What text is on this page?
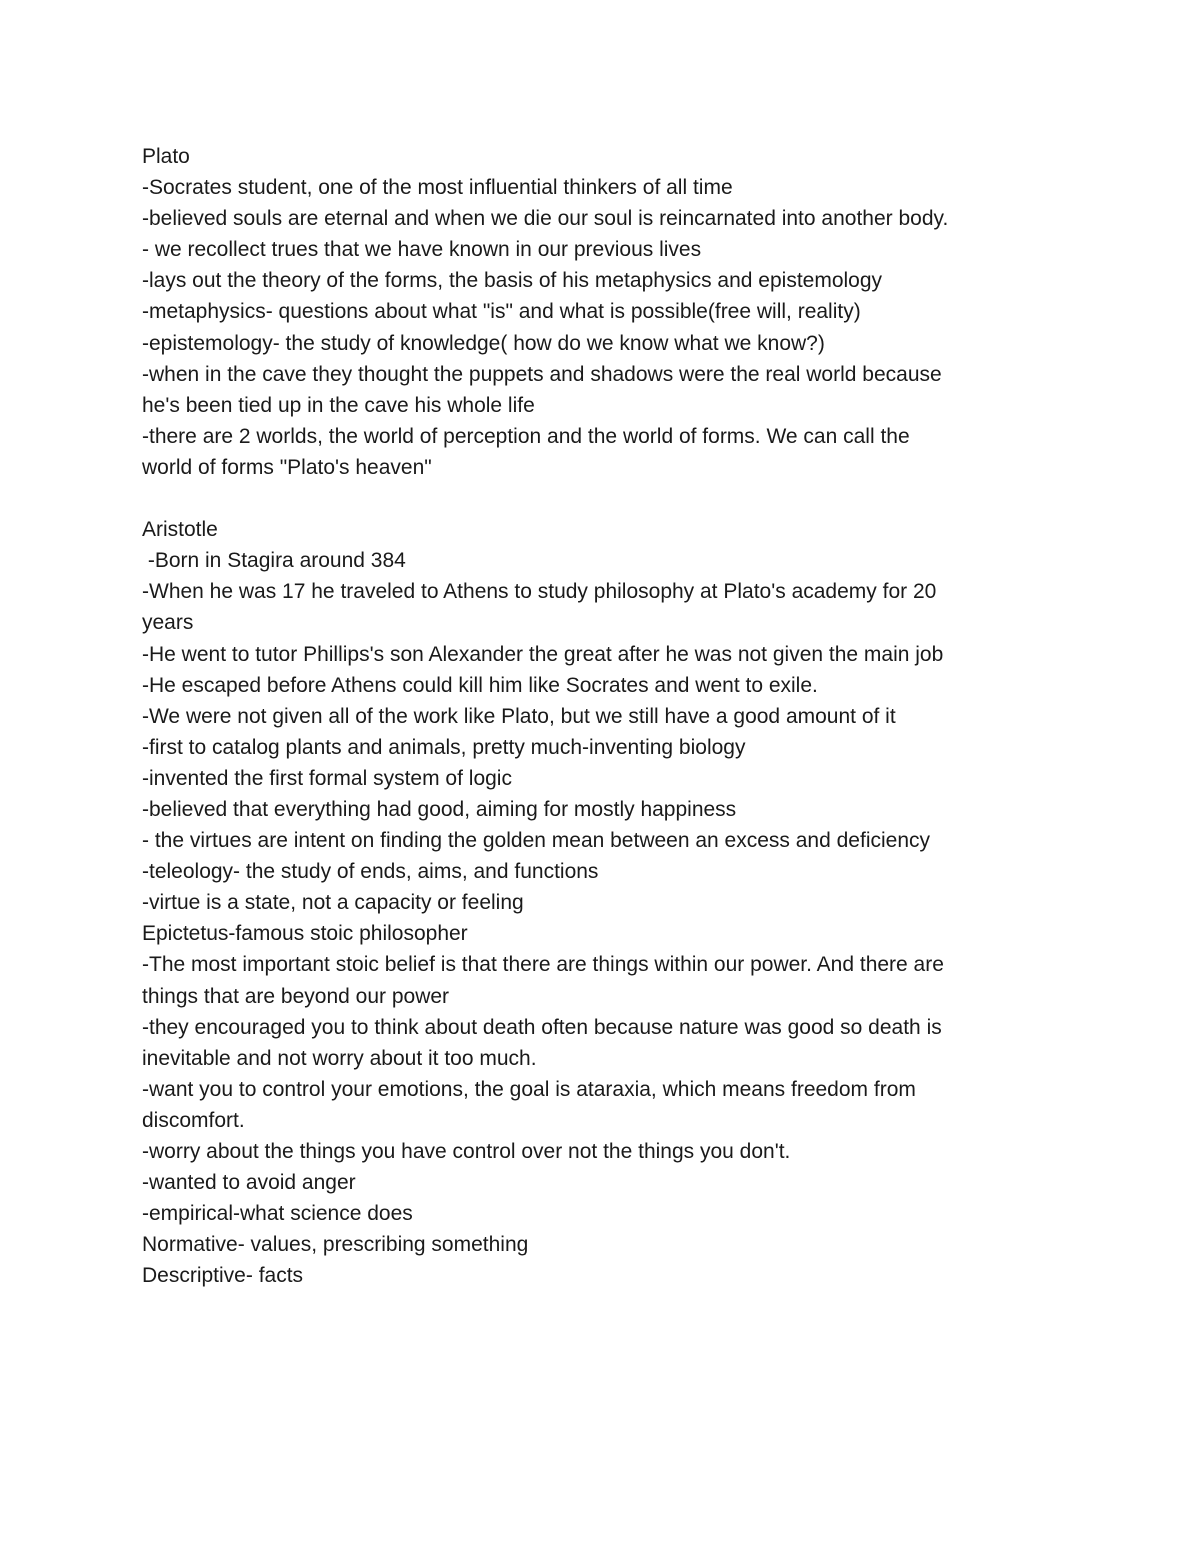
Plato
-Socrates student, one of the most influential thinkers of all time
-believed souls are eternal and when we die our soul is reincarnated into another body.
- we recollect trues that we have known in our previous lives
-lays out the theory of the forms, the basis of his metaphysics and epistemology
-metaphysics- questions about what "is" and what is possible(free will, reality)
-epistemology- the study of knowledge( how do we know what we know?)
-when in the cave they thought the puppets and shadows were the real world because
he's been tied up in the cave his whole life
-there are 2 worlds, the world of perception and the world of forms. We can call the
world of forms "Plato's heaven"
Aristotle
-Born in Stagira around 384
-When he was 17 he traveled to Athens to study philosophy at Plato's academy for 20
years
-He went to tutor Phillips's son Alexander the great after he was not given the main job
-He escaped before Athens could kill him like Socrates and went to exile.
-We were not given all of the work like Plato, but we still have a good amount of it
-first to catalog plants and animals, pretty much-inventing biology
-invented the first formal system of logic
-believed that everything had good, aiming for mostly happiness
- the virtues are intent on finding the golden mean between an excess and deficiency
-teleology- the study of ends, aims, and functions
-virtue is a state, not a capacity or feeling
Epictetus-famous stoic philosopher
-The most important stoic belief is that there are things within our power. And there are
things that are beyond our power
-they encouraged you to think about death often because nature was good so death is
inevitable and not worry about it too much.
-want you to control your emotions, the goal is ataraxia, which means freedom from
discomfort.
-worry about the things you have control over not the things you don't.
-wanted to avoid anger
-empirical-what science does
Normative- values, prescribing something
Descriptive- facts
